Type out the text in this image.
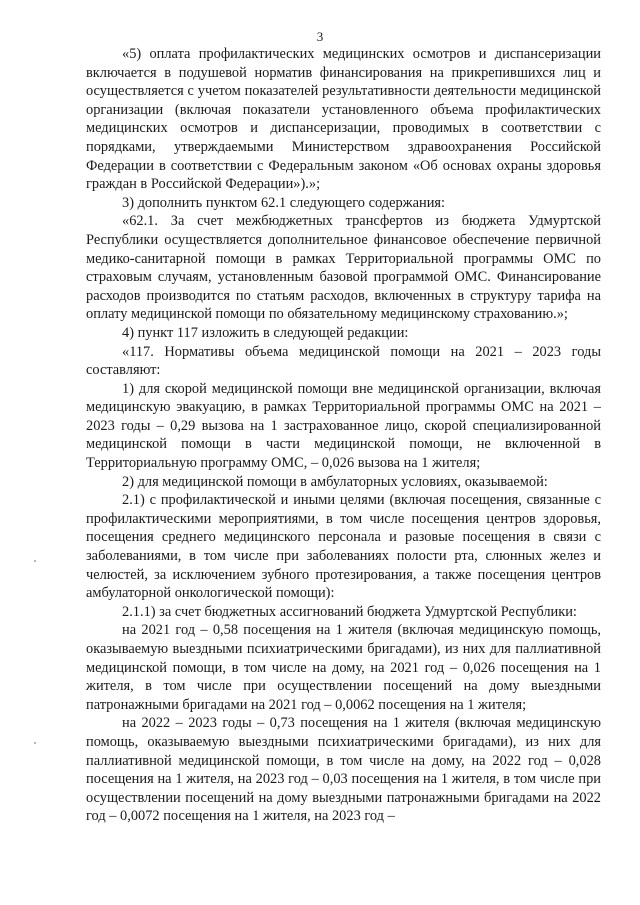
3

«5) оплата профилактических медицинских осмотров и диспансеризации включается в подушевой норматив финансирования на прикрепившихся лиц и осуществляется с учетом показателей результативности деятельности медицинской организации (включая показатели установленного объема профилактических медицинских осмотров и диспансеризации, проводимых в соответствии с порядками, утверждаемыми Министерством здравоохранения Российской Федерации в соответствии с Федеральным законом «Об основах охраны здоровья граждан в Российской Федерации»).»;

3) дополнить пунктом 62.1 следующего содержания:

«62.1. За счет межбюджетных трансфертов из бюджета Удмуртской Республики осуществляется дополнительное финансовое обеспечение первичной медико-санитарной помощи в рамках Территориальной программы ОМС по страховым случаям, установленным базовой программой ОМС. Финансирование расходов производится по статьям расходов, включенных в структуру тарифа на оплату медицинской помощи по обязательному медицинскому страхованию.»;

4) пункт 117 изложить в следующей редакции:

«117. Нормативы объема медицинской помощи на 2021 – 2023 годы составляют:

1) для скорой медицинской помощи вне медицинской организации, включая медицинскую эвакуацию, в рамках Территориальной программы ОМС на 2021 – 2023 годы – 0,29 вызова на 1 застрахованное лицо, скорой специализированной медицинской помощи в части медицинской помощи, не включенной в Территориальную программу ОМС, – 0,026 вызова на 1 жителя;

2) для медицинской помощи в амбулаторных условиях, оказываемой:

2.1) с профилактической и иными целями (включая посещения, связанные с профилактическими мероприятиями, в том числе посещения центров здоровья, посещения среднего медицинского персонала и разовые посещения в связи с заболеваниями, в том числе при заболеваниях полости рта, слюнных желез и челюстей, за исключением зубного протезирования, а также посещения центров амбулаторной онкологической помощи):

2.1.1) за счет бюджетных ассигнований бюджета Удмуртской Республики:

на 2021 год – 0,58 посещения на 1 жителя (включая медицинскую помощь, оказываемую выездными психиатрическими бригадами), из них для паллиативной медицинской помощи, в том числе на дому, на 2021 год – 0,026 посещения на 1 жителя, в том числе при осуществлении посещений на дому выездными патронажными бригадами на 2021 год – 0,0062 посещения на 1 жителя;

на 2022 – 2023 годы – 0,73 посещения на 1 жителя (включая медицинскую помощь, оказываемую выездными психиатрическими бригадами), из них для паллиативной медицинской помощи, в том числе на дому, на 2022 год – 0,028 посещения на 1 жителя, на 2023 год – 0,03 посещения на 1 жителя, в том числе при осуществлении посещений на дому выездными патронажными бригадами на 2022 год – 0,0072 посещения на 1 жителя, на 2023 год –
